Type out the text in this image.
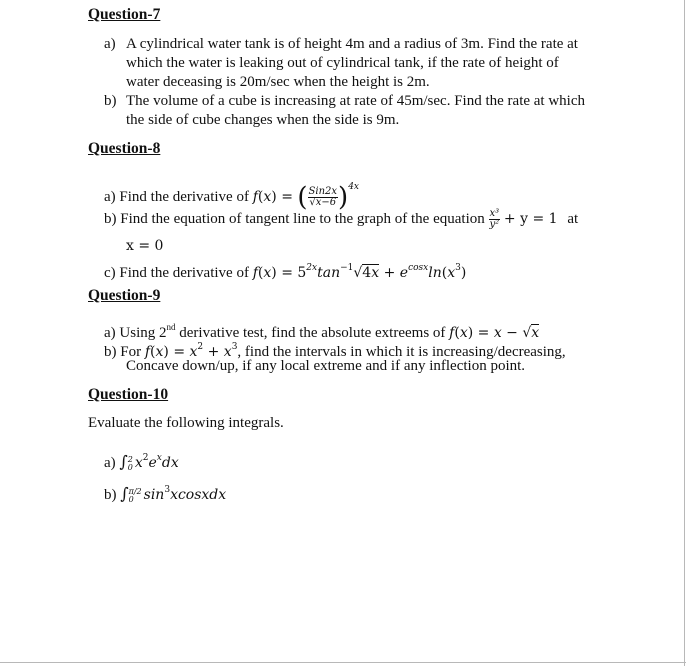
Question-7
a) A cylindrical water tank is of height 4m and a radius of 3m. Find the rate at
which the water is leaking out of cylindrical tank, if the rate of height of
water deceasing is 20m/sec when the height is 2m.
b) The volume of a cube is increasing at rate of 45m/sec. Find the rate at which
the side of cube changes when the side is 9m.
Question-8
a) Find the derivative of f(x) = ( $\frac{\text{Sin2x}}{√x-6} )^{4x}$
b) Find the equation of tangent line to the graph of the equation $\frac{\text{x³}}{\text{y²}} + y = 1$ at
x = 0
c) Find the derivative of $f(x) = 5^{2x}\tan^{-1}√4x + e^{cosx}\ln(x^3)$
Question-9
a) Using 2nd derivative test, find the absolute extreems of f(x) = x − √x
b) For $f(x) = x^2 + x^3$, find the intervals in which it is increasing/decreasing,
Concave down/up, if any local extreme and if any inflection point.
Question-10
Evaluate the following integrals.
a) ∫ 2
0 $x^2e^xdx$
b) ∫ π/2
0 $\sin^3xcosxdx$
